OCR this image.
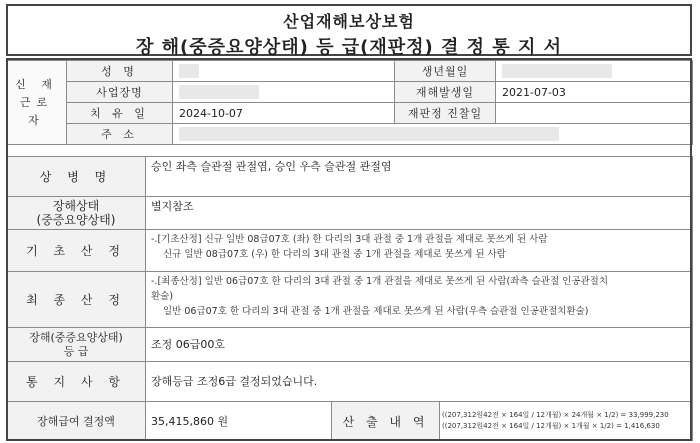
산업재해보상보험
장 해(중증요양상태) 등 급(재판정) 결 정 통 지 서
신 재
근로자	성 명		생년월일	
	사업장명		재해발생일	2021-07-03
	치 유 일	2024-10-07	재판정 진찰일	
	주 소			
상 병 명	승인 좌측 슬관절 관절염, 승인 우측 슬관절 관절염		

장해상태
(중증요양상태)	별지참조		
기 초 산 정	-.[기초산정] 신규 일반 08급07호 (좌) 한 다리의 3대 관절 중 1개 관절을 제대로 못쓰게 된 사람
신규 일반 08급07호 (우) 한 다리의 3대 관절 중 1개 관절을 제대로 못쓰게 된 사람		

최 종 산 정	-.[최종산정] 일반 06급07호 한 다리의 3대 관절 중 1개 관절을 제대로 못쓰게 된 사람(좌측 슬관절 인공관절치
환술)
일반 06급07호 한 다리의 3대 관절 중 1개 관절을 제대로 못쓰게 된 사람(우측 슬관절 인공관절치환술)		

장해(중증요양상태)
등 급	조정 06급00호		
통 지 사 항	장해등급 조정6급 결정되었습니다.		
장해급여 결정액	35,415,860 원	산 출 내 역	((207,312원42전 × 164일 / 12개월) × 24개월 × 1/2) = 33,999,230
((207,312원42전 × 164일 / 12개월) × 1개월 × 1/2) = 1,416,630
